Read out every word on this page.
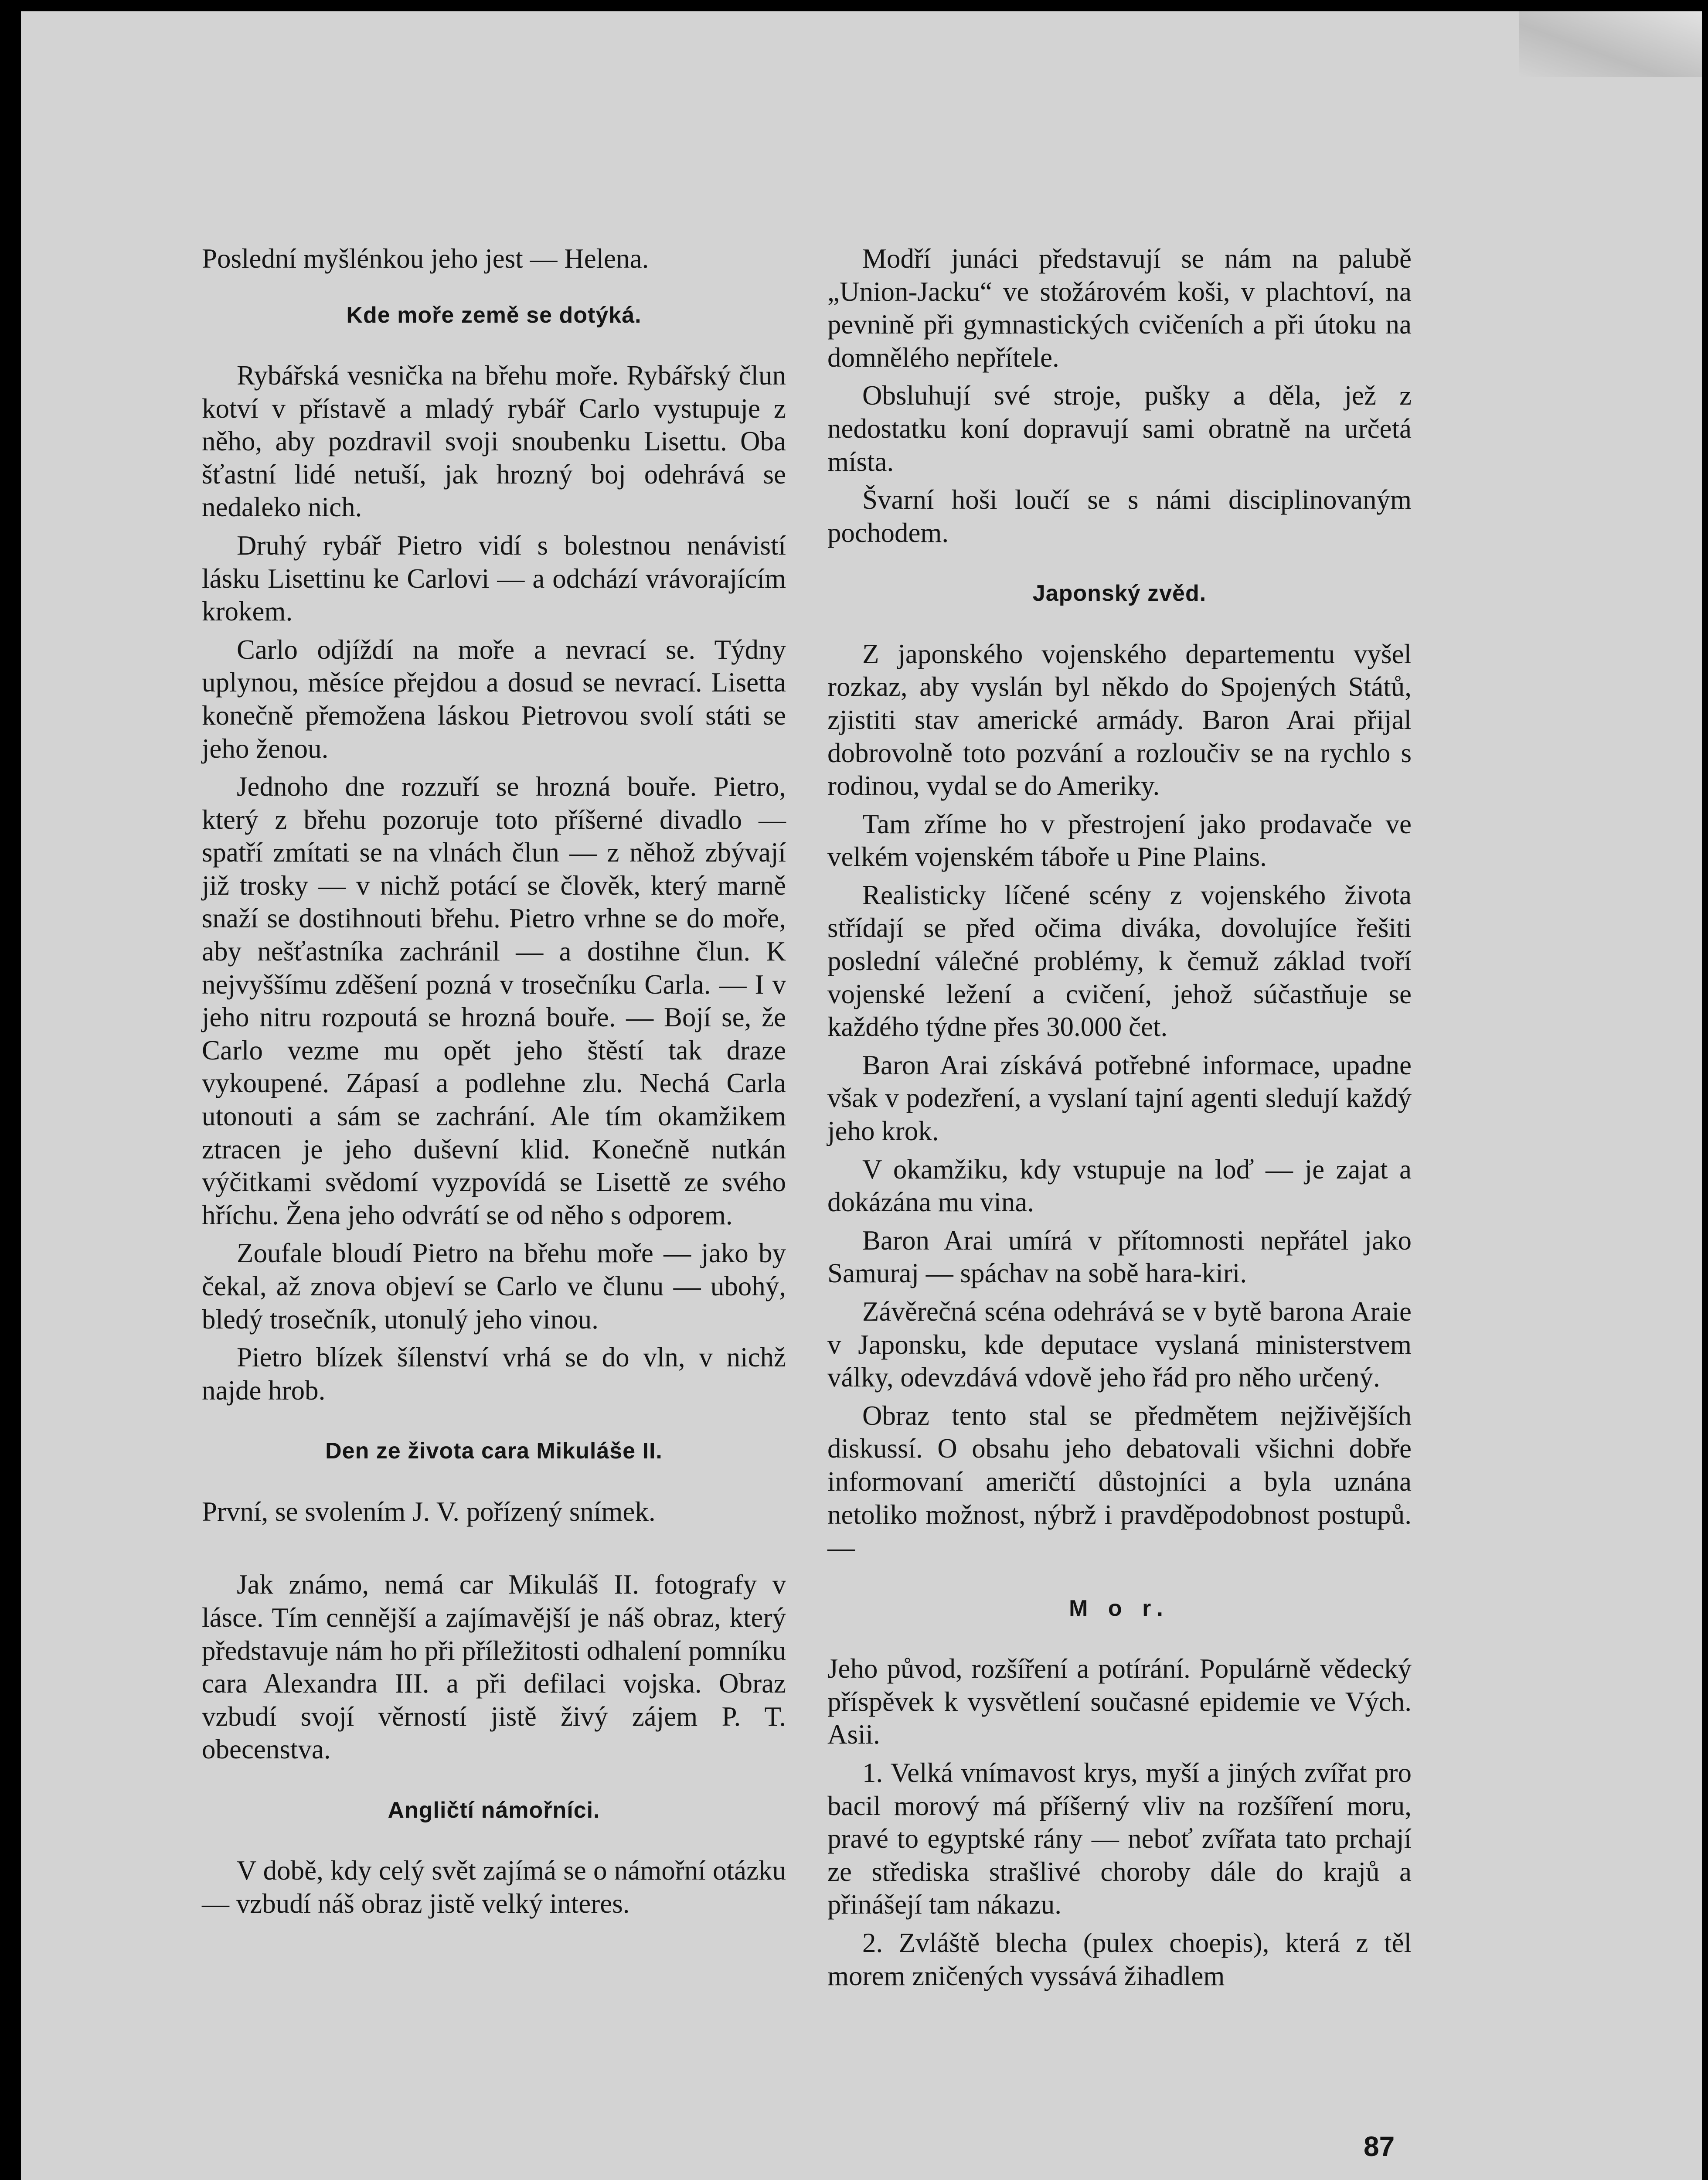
Poslední myšlénkou jeho jest — Helena.

Kde moře země se dotýká.

Rybářská vesnička na břehu moře. Rybářský člun kotví v přístavě a mladý rybář Carlo vystupuje z něho, aby pozdravil svoji snoubenku Lisettu. Oba šťastní lidé netuší, jak hrozný boj odehrává se nedaleko nich.

Druhý rybář Pietro vidí s bolestnou nenávistí lásku Lisettinu ke Carlovi — a odchází vrávorajícím krokem.

Carlo odjíždí na moře a nevrací se. Týdny uplynou, měsíce přejdou a dosud se nevrací. Lisetta konečně přemožena láskou Pietrovou svolí státi se jeho ženou.

Jednoho dne rozzuří se hrozná bouře. Pietro, který z břehu pozoruje toto příšerné divadlo — spatří zmítati se na vlnách člun — z něhož zbývají již trosky — v nichž potácí se člověk, který marně snaží se dostihnouti břehu. Pietro vrhne se do moře, aby nešťastníka zachránil — a dostihne člun. K nejvyššímu zděšení pozná v trosečníku Carla. — I v jeho nitru rozpoutá se hrozná bouře. — Bojí se, že Carlo vezme mu opět jeho štěstí tak draze vykoupené. Zápasí a podlehne zlu. Nechá Carla utonouti a sám se zachrání. Ale tím okamžikem ztracen je jeho duševní klid. Konečně nutkán výčitkami svědomí vyzpovídá se Lisettě ze svého hříchu. Žena jeho odvrátí se od něho s odporem.

Zoufale bloudí Pietro na břehu moře — jako by čekal, až znova objeví se Carlo ve člunu — ubohý, bledý trosečník, utonulý jeho vinou.

Pietro blízek šílenství vrhá se do vln, v nichž najde hrob.

Den ze života cara Mikuláše II.

První, se svolením J. V. pořízený snímek.

Jak známo, nemá car Mikuláš II. fotografy v lásce. Tím cennější a zajímavější je náš obraz, který představuje nám ho při příležitosti odhalení pomníku cara Alexandra III. a při defilaci vojska. Obraz vzbudí svojí věrností jistě živý zájem P. T. obecenstva.

Angličtí námořníci.

V době, kdy celý svět zajímá se o námořní otázku — vzbudí náš obraz jistě velký interes.

Modří junáci představují se nám na palubě „Union-Jacku“ ve stožárovém koši, v plachtoví, na pevnině při gymnastických cvičeních a při útoku na domnělého nepřítele.

Obsluhují své stroje, pušky a děla, jež z nedostatku koní dopravují sami obratně na určetá místa.

Švarní hoši loučí se s námi disciplinovaným pochodem.

Japonský zvěd.

Z japonského vojenského departementu vyšel rozkaz, aby vyslán byl někdo do Spojených Států, zjistiti stav americké armády. Baron Arai přijal dobrovolně toto pozvání a rozloučiv se na rychlo s rodinou, vydal se do Ameriky.

Tam zříme ho v přestrojení jako prodavače ve velkém vojenském táboře u Pine Plains.

Realisticky líčené scény z vojenského života střídají se před očima diváka, dovolujíce řešiti poslední válečné problémy, k čemuž základ tvoří vojenské ležení a cvičení, jehož súčastňuje se každého týdne přes 30.000 čet.

Baron Arai získává potřebné informace, upadne však v podezření, a vyslaní tajní agenti sledují každý jeho krok.

V okamžiku, kdy vstupuje na loď — je zajat a dokázána mu vina.

Baron Arai umírá v přítomnosti nepřátel jako Samuraj — spáchav na sobě hara-kiri.

Závěrečná scéna odehrává se v bytě barona Araie v Japonsku, kde deputace vyslaná ministerstvem války, odevzdává vdově jeho řád pro něho určený.

Obraz tento stal se předmětem nejživějších diskussí. O obsahu jeho debatovali všichni dobře informovaní američtí důstojníci a byla uznána netoliko možnost, nýbrž i pravděpodobnost postupů. —

M o r.

Jeho původ, rozšíření a potírání. Populárně vědecký příspěvek k vysvětlení současné epidemie ve Vých. Asii.

1. Velká vnímavost krys, myší a jiných zvířat pro bacil morový má příšerný vliv na rozšíření moru, pravé to egyptské rány — neboť zvířata tato prchají ze střediska strašlivé choroby dále do krajů a přinášejí tam nákazu.

2. Zvláště blecha (pulex choepis), která z těl morem zničených vyssává žihadlem

87
